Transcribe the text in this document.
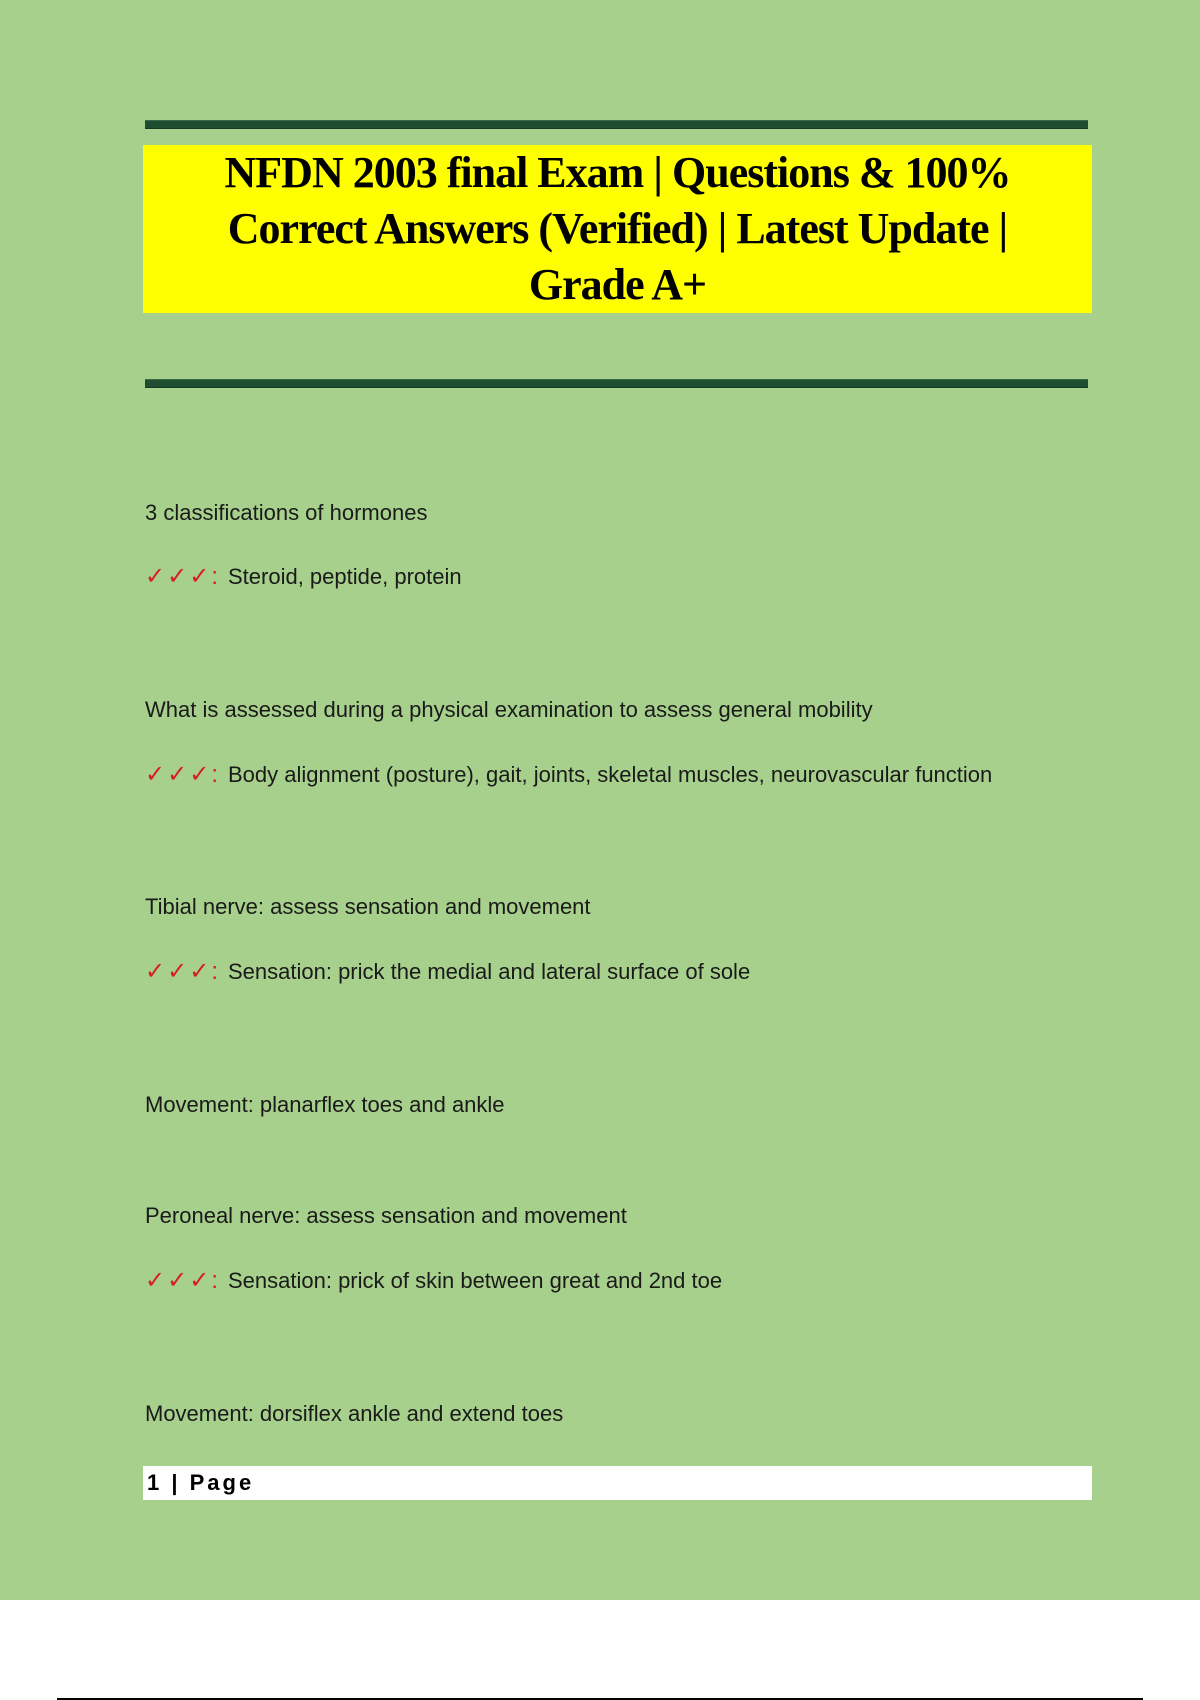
NFDN 2003 final Exam | Questions & 100% Correct Answers (Verified) | Latest Update | Grade A+
3 classifications of hormones
✓✓✓ : Steroid, peptide, protein
What is assessed during a physical examination to assess general mobility
✓✓✓ : Body alignment (posture), gait, joints, skeletal muscles, neurovascular function
Tibial nerve: assess sensation and movement
✓✓✓ : Sensation: prick the medial and lateral surface of sole
Movement: planarflex toes and ankle
Peroneal nerve: assess sensation and movement
✓✓✓ : Sensation: prick of skin between great and 2nd toe
Movement: dorsiflex ankle and extend toes
1 | Page
